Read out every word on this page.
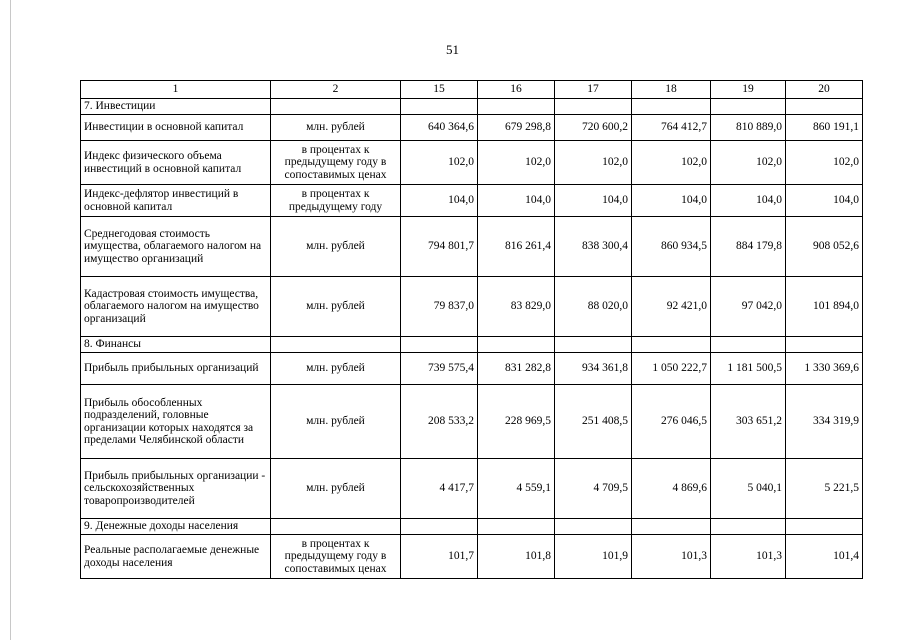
51
1	2	15	16	17	18	19	20
7. Инвестиции							
Инвестиции в основной капитал	млн. рублей	640 364,6	679 298,8	720 600,2	764 412,7	810 889,0	860 191,1
Индекс физического объема инвестиций в основной капитал	в процентах к предыдущему году в сопоставимых ценах	102,0	102,0	102,0	102,0	102,0	102,0
Индекс-дефлятор инвестиций в основной капитал	в процентах к предыдущему году	104,0	104,0	104,0	104,0	104,0	104,0
Среднегодовая стоимость имущества, облагаемого налогом на имущество организаций	млн. рублей	794 801,7	816 261,4	838 300,4	860 934,5	884 179,8	908 052,6
Кадастровая стоимость имущества, облагаемого налогом на имущество организаций	млн. рублей	79 837,0	83 829,0	88 020,0	92 421,0	97 042,0	101 894,0
8. Финансы							
Прибыль прибыльных организаций	млн. рублей	739 575,4	831 282,8	934 361,8	1 050 222,7	1 181 500,5	1 330 369,6
Прибыль обособленных подразделений, головные организации которых находятся за пределами Челябинской области	млн. рублей	208 533,2	228 969,5	251 408,5	276 046,5	303 651,2	334 319,9
Прибыль прибыльных организации - сельскохозяйственных товаропроизводителей	млн. рублей	4 417,7	4 559,1	4 709,5	4 869,6	5 040,1	5 221,5
9. Денежные доходы населения							
Реальные располагаемые денежные доходы населения	в процентах к предыдущему году в сопоставимых ценах	101,7	101,8	101,9	101,3	101,3	101,4
